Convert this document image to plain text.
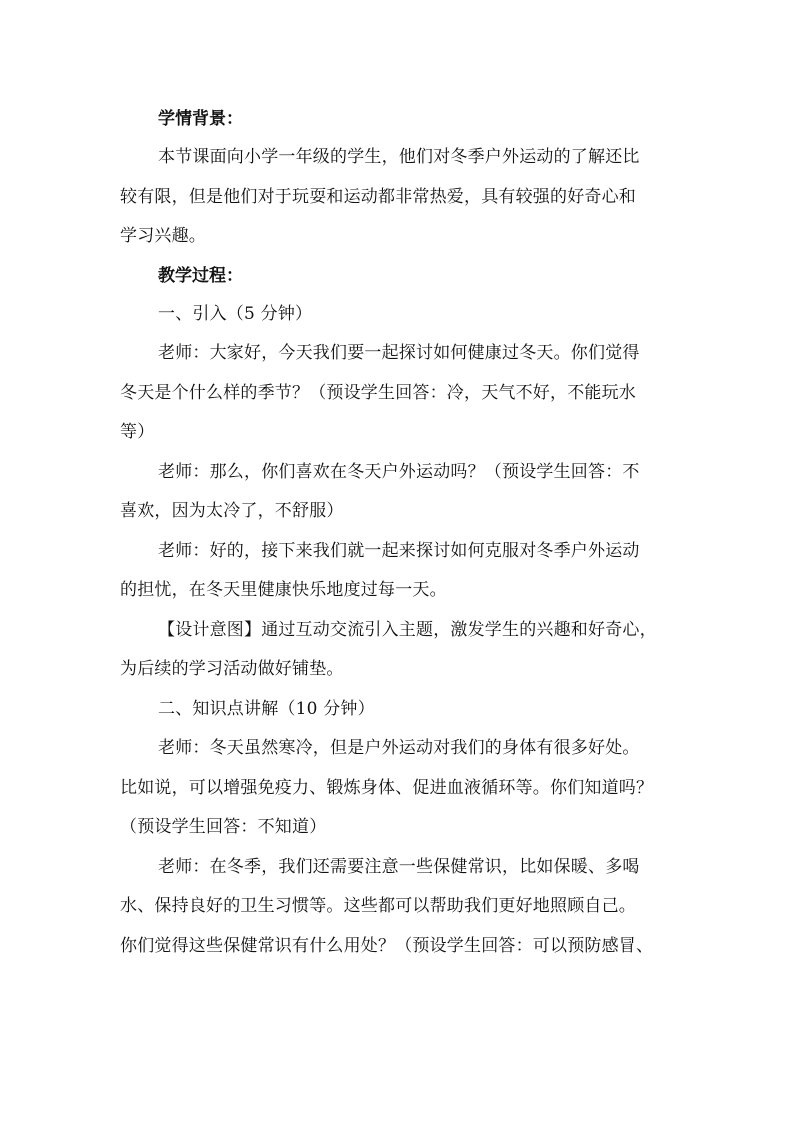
学情背景：
本节课面向小学一年级的学生，他们对冬季户外运动的了解还比
较有限，但是他们对于玩耍和运动都非常热爱，具有较强的好奇心和
学习兴趣。
教学过程：
一、引入（5 分钟）
老师：大家好，今天我们要一起探讨如何健康过冬天。你们觉得
冬天是个什么样的季节？（预设学生回答：冷，天气不好，不能玩水
等）
老师：那么，你们喜欢在冬天户外运动吗？（预设学生回答：不
喜欢，因为太冷了，不舒服）
老师：好的，接下来我们就一起来探讨如何克服对冬季户外运动
的担忧，在冬天里健康快乐地度过每一天。
【设计意图】通过互动交流引入主题，激发学生的兴趣和好奇心，
为后续的学习活动做好铺垫。
二、知识点讲解（10 分钟）
老师：冬天虽然寒冷，但是户外运动对我们的身体有很多好处。
比如说，可以增强免疫力、锻炼身体、促进血液循环等。你们知道吗？
（预设学生回答：不知道）
老师：在冬季，我们还需要注意一些保健常识，比如保暖、多喝
水、保持良好的卫生习惯等。这些都可以帮助我们更好地照顾自己。
你们觉得这些保健常识有什么用处？（预设学生回答：可以预防感冒、
